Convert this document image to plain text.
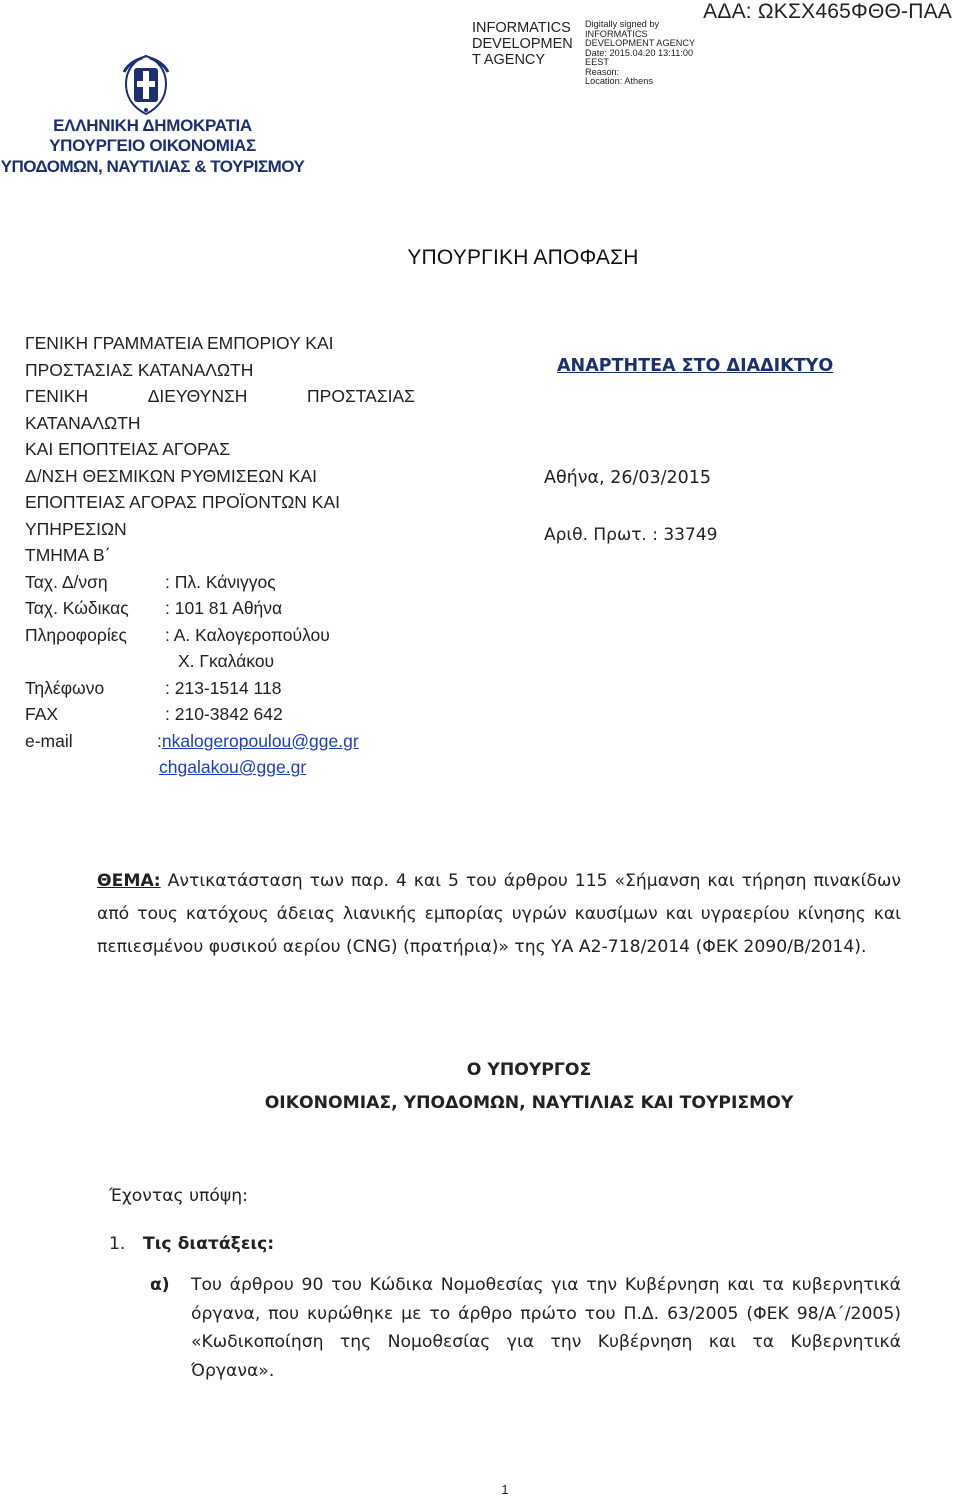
INFORMATICS
DEVELOPMEN
T AGENCY
Digitally signed by
INFORMATICS
DEVELOPMENT AGENCY
Date: 2015.04.20 13:11:00
EEST
Reason:
Location: Athens
ΑΔΑ: ΩΚΣΧ465ΦΘΘ-ΠΑΑ
ΕΛΛΗΝΙΚΗ ΔΗΜΟΚΡΑΤΙΑ
ΥΠΟΥΡΓΕΙΟ ΟΙΚΟΝΟΜΙΑΣ
ΥΠΟΔΟΜΩΝ, ΝΑΥΤΙΛΙΑΣ & ΤΟΥΡΙΣΜΟΥ
ΥΠΟΥΡΓΙΚΗ ΑΠΟΦΑΣΗ
ΓΕΝΙΚΗ ΓΡΑΜΜΑΤΕΙΑ ΕΜΠΟΡΙΟΥ ΚΑΙ
ΠΡΟΣΤΑΣΙΑΣ ΚΑΤΑΝΑΛΩΤΗ
ΓΕΝΙΚΗ	ΔΙΕΥΘΥΝΣΗ	ΠΡΟΣΤΑΣΙΑΣ
ΚΑΤΑΝΑΛΩΤΗ
ΚΑΙ ΕΠΟΠΤΕΙΑΣ ΑΓΟΡΑΣ
Δ/ΝΣΗ ΘΕΣΜΙΚΩΝ ΡΥΘΜΙΣΕΩΝ ΚΑΙ
ΕΠΟΠΤΕΙΑΣ ΑΓΟΡΑΣ ΠΡΟΪΟΝΤΩΝ ΚΑΙ
ΥΠΗΡΕΣΙΩΝ
ΤΜΗΜΑ Β΄
Ταχ. Δ/νση	: Πλ. Κάνιγγος
Ταχ. Κώδικας	: 101 81 Αθήνα
Πληροφορίες	: Α. Καλογεροπούλου
Χ. Γκαλάκου
Τηλέφωνο	: 213-1514 118
FAX	: 210-3842 642
e-mail	: nkalogeropoulou@gge.gr
chgalakou@gge.gr
ΑΝΑΡΤΗΤΕΑ ΣΤΟ ΔΙΑΔΙΚΤΥΟ
Αθήνα, 26/03/2015
Αριθ. Πρωτ. : 33749
ΘΕΜΑ: Αντικατάσταση των παρ. 4 και 5 του άρθρου 115 «Σήμανση και τήρηση πινακίδων από τους κατόχους άδειας λιανικής εμπορίας υγρών καυσίμων και υγραερίου κίνησης και πεπιεσμένου φυσικού αερίου (CNG) (πρατήρια)» της ΥΑ Α2-718/2014 (ΦΕΚ 2090/Β/2014).
Ο ΥΠΟΥΡΓΟΣ
ΟΙΚΟΝΟΜΙΑΣ, ΥΠΟΔΟΜΩΝ, ΝΑΥΤΙΛΙΑΣ ΚΑΙ ΤΟΥΡΙΣΜΟΥ
Έχοντας υπόψη:
1. Τις διατάξεις:
α) Του άρθρου 90 του Κώδικα Νομοθεσίας για την Κυβέρνηση και τα κυβερνητικά όργανα, που κυρώθηκε με το άρθρο πρώτο του Π.Δ. 63/2005 (ΦΕΚ 98/Α΄/2005) «Κωδικοποίηση της Νομοθεσίας για την Κυβέρνηση και τα Κυβερνητικά Όργανα».
1
